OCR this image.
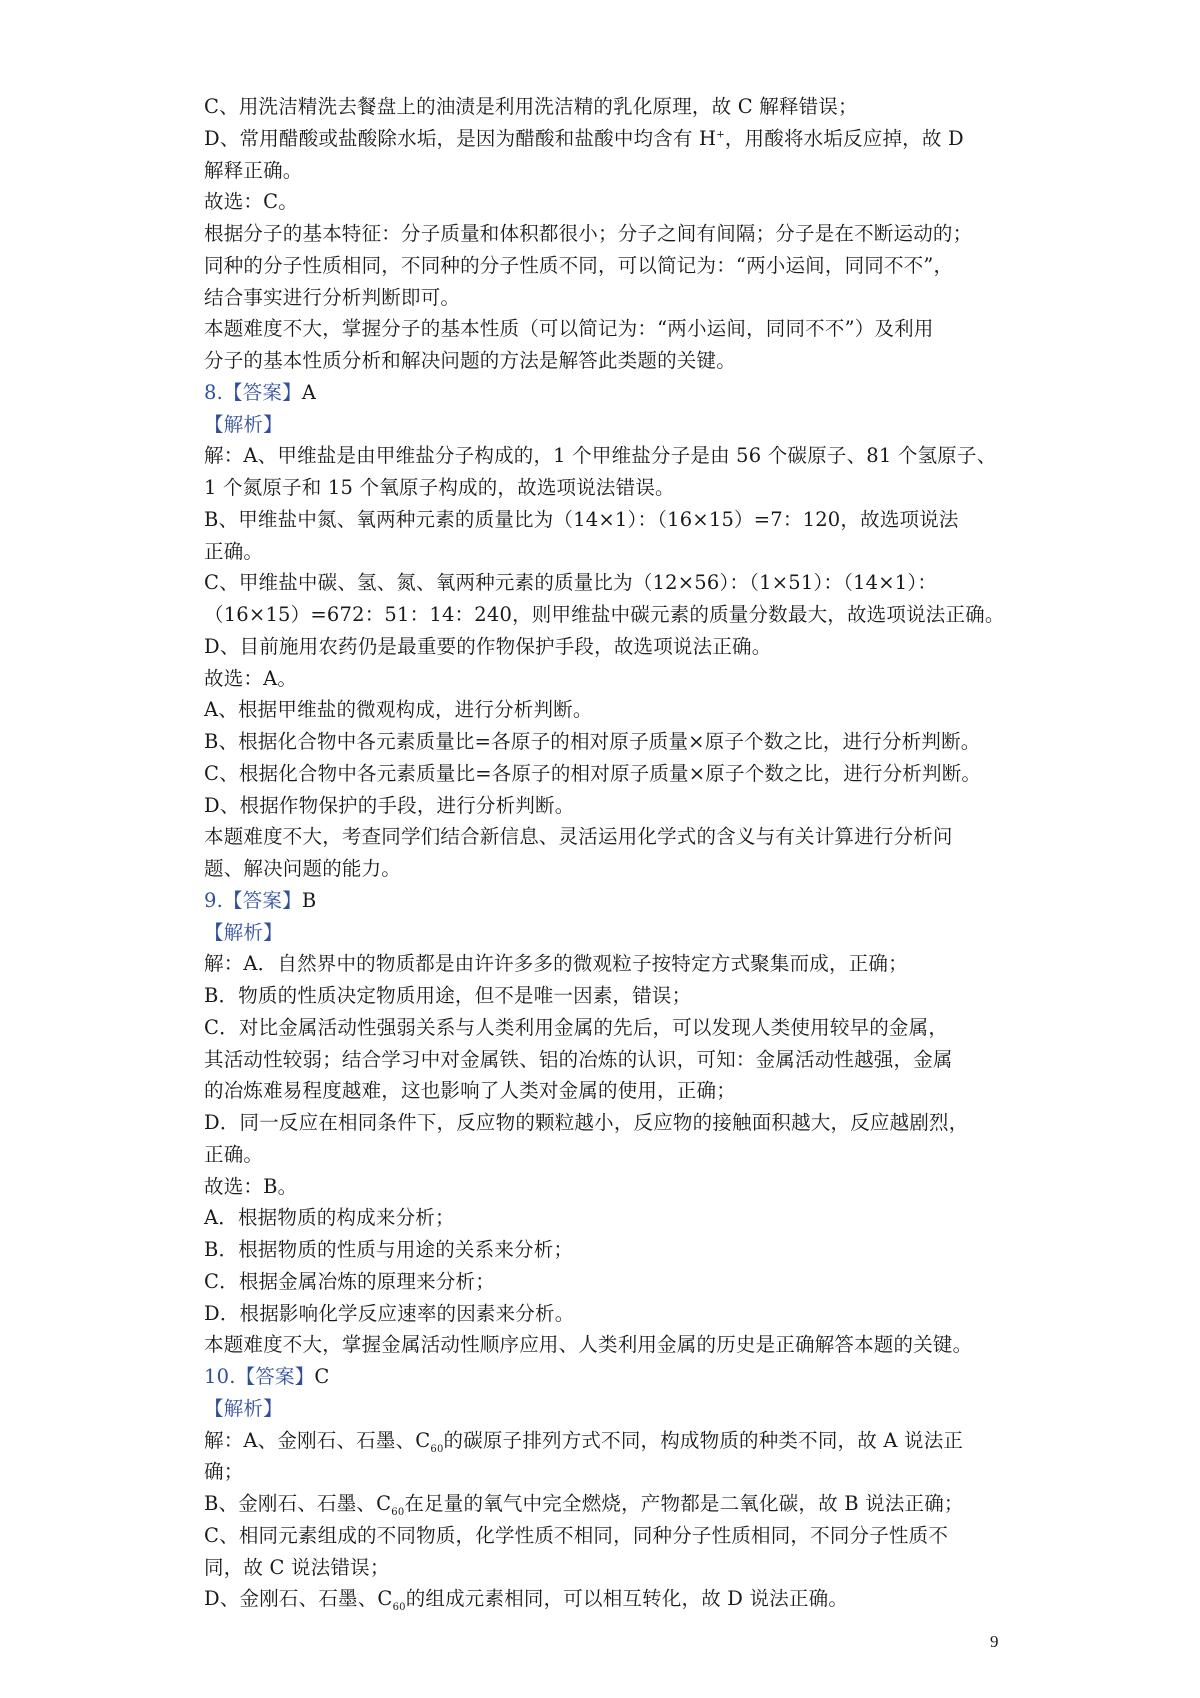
C、用洗洁精洗去餐盘上的油渍是利用洗洁精的乳化原理，故 C 解释错误；
D、常用醋酸或盐酸除水垢，是因为醋酸和盐酸中均含有 H+，用酸将水垢反应掉，故 D
解释正确。
故选：C。
根据分子的基本特征：分子质量和体积都很小；分子之间有间隔；分子是在不断运动的；
同种的分子性质相同，不同种的分子性质不同，可以简记为：“两小运间，同同不不”，
结合事实进行分析判断即可。
本题难度不大，掌握分子的基本性质（可以简记为：“两小运间，同同不不”）及利用
分子的基本性质分析和解决问题的方法是解答此类题的关键。
8.【答案】A
【解析】
解：A、甲维盐是由甲维盐分子构成的，1 个甲维盐分子是由 56 个碳原子、81 个氢原子、
1 个氮原子和 15 个氧原子构成的，故选项说法错误。
B、甲维盐中氮、氧两种元素的质量比为（14×1）：（16×15）=7：120，故选项说法
正确。
C、甲维盐中碳、氢、氮、氧两种元素的质量比为（12×56）：（1×51）：（14×1）：
（16×15）=672：51：14：240，则甲维盐中碳元素的质量分数最大，故选项说法正确。
D、目前施用农药仍是最重要的作物保护手段，故选项说法正确。
故选：A。
A、根据甲维盐的微观构成，进行分析判断。
B、根据化合物中各元素质量比=各原子的相对原子质量×原子个数之比，进行分析判断。
C、根据化合物中各元素质量比=各原子的相对原子质量×原子个数之比，进行分析判断。
D、根据作物保护的手段，进行分析判断。
本题难度不大，考查同学们结合新信息、灵活运用化学式的含义与有关计算进行分析问
题、解决问题的能力。
9.【答案】B
【解析】
解：A．自然界中的物质都是由许许多多的微观粒子按特定方式聚集而成，正确；
B．物质的性质决定物质用途，但不是唯一因素，错误；
C．对比金属活动性强弱关系与人类利用金属的先后，可以发现人类使用较早的金属，
其活动性较弱；结合学习中对金属铁、铝的冶炼的认识，可知：金属活动性越强，金属
的冶炼难易程度越难，这也影响了人类对金属的使用，正确；
D．同一反应在相同条件下，反应物的颗粒越小，反应物的接触面积越大，反应越剧烈，
正确。
故选：B。
A．根据物质的构成来分析；
B．根据物质的性质与用途的关系来分析；
C．根据金属冶炼的原理来分析；
D．根据影响化学反应速率的因素来分析。
本题难度不大，掌握金属活动性顺序应用、人类利用金属的历史是正确解答本题的关键。
10.【答案】C
【解析】
解：A、金刚石、石墨、$C_{60}$的碳原子排列方式不同，构成物质的种类不同，故 A 说法正
确；
B、金刚石、石墨、$C_{60}$在足量的氧气中完全燃烧，产物都是二氧化碳，故 B 说法正确；
C、相同元素组成的不同物质，化学性质不相同，同种分子性质相同，不同分子性质不
同，故 C 说法错误；
D、金刚石、石墨、$C_{60}$的组成元素相同，可以相互转化，故 D 说法正确。
9
